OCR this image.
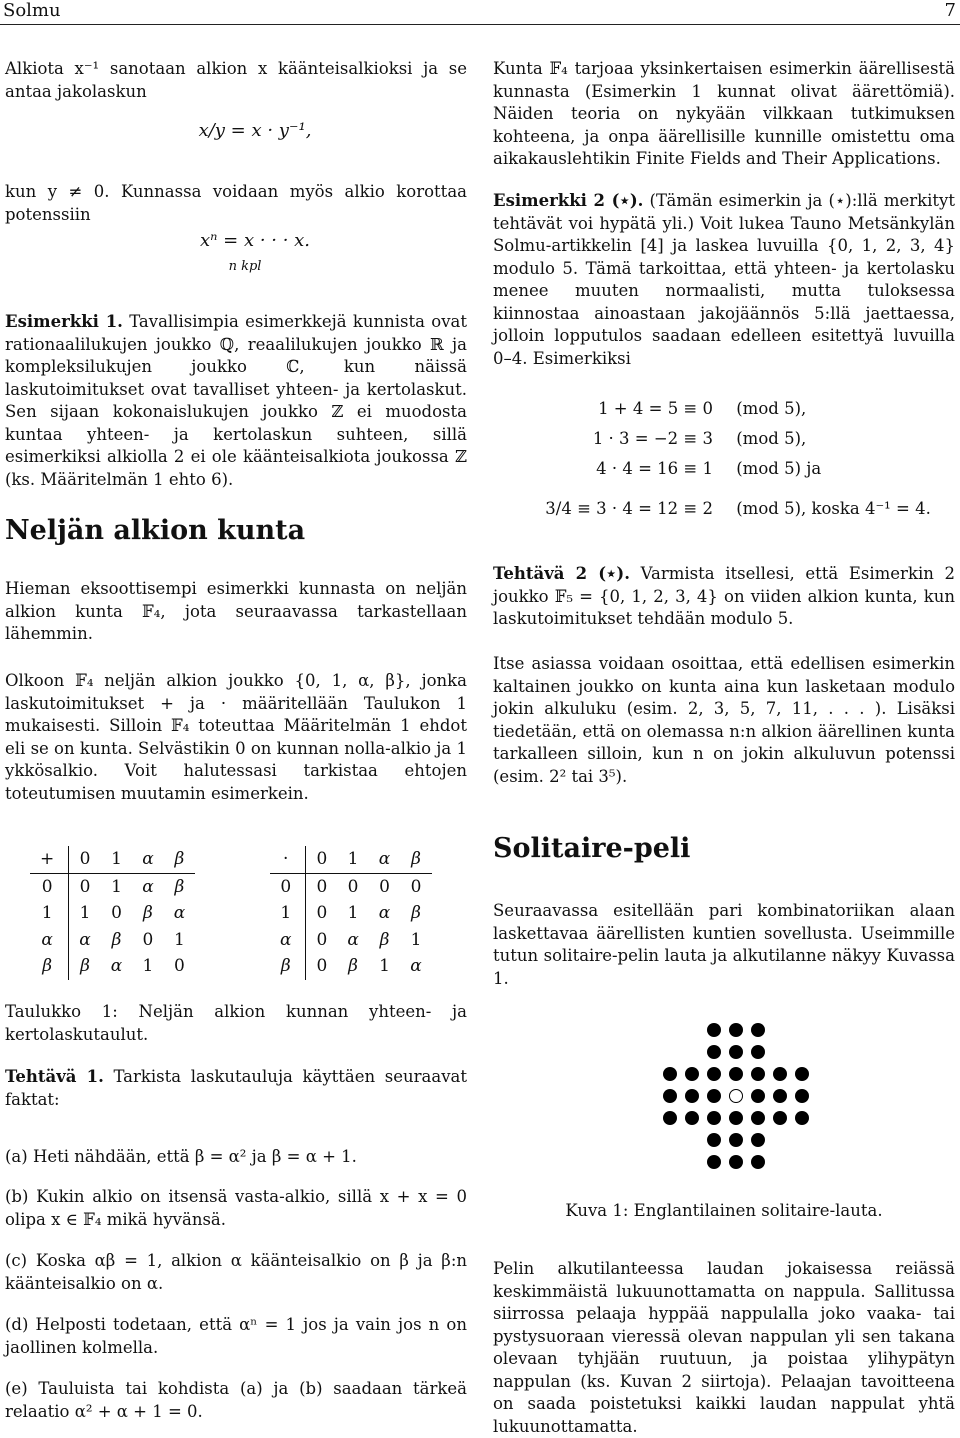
Solmu	7

Alkiota x⁻¹ sanotaan alkion x käänteisalkioksi ja se antaa jakolaskun

x/y = x · y⁻¹,

kun y ≠ 0. Kunnassa voidaan myös alkio korottaa potenssiin

xⁿ = x · · · x.
n kpl

Esimerkki 1. Tavallisimpia esimerkkejä kunnista ovat rationaalilukujen joukko ℚ, reaalilukujen joukko ℝ ja kompleksilukujen joukko ℂ, kun näissä laskutoimitukset ovat tavalliset yhteen- ja kertolaskut. Sen sijaan kokonaislukujen joukko ℤ ei muodosta kuntaa yhteen- ja kertolaskun suhteen, sillä esimerkiksi alkiolla 2 ei ole käänteisalkiota joukossa ℤ (ks. Määritelmän 1 ehto 6).

Neljän alkion kunta

Hieman eksoottisempi esimerkki kunnasta on neljän alkion kunta 𝔽₄, jota seuraavassa tarkastellaan lähemmin.

Olkoon 𝔽₄ neljän alkion joukko {0, 1, α, β}, jonka laskutoimitukset + ja · määritellään Taulukon 1 mukaisesti. Silloin 𝔽₄ toteuttaa Määritelmän 1 ehdot eli se on kunta. Selvästikin 0 on kunnan nolla-alkio ja 1 ykkösalkio. Voit halutessasi tarkistaa ehtojen toteutumisen muutamin esimerkein.

+	0	1	α	β
0	0	1	α	β
1	1	0	β	α
α	α	β	0	1
β	β	α	1	0
·	0	1	α	β
0	0	0	0	0
1	0	1	α	β
α	0	α	β	1
β	0	β	1	α

Taulukko 1: Neljän alkion kunnan yhteen- ja kertolaskutaulut.

Tehtävä 1. Tarkista laskutauluja käyttäen seuraavat faktat:

(a) Heti nähdään, että β = α² ja β = α + 1.

(b) Kukin alkio on itsensä vasta-alkio, sillä x + x = 0 olipa x ∈ 𝔽₄ mikä hyvänsä.

(c) Koska αβ = 1, alkion α käänteisalkio on β ja β:n käänteisalkio on α.

(d) Helposti todetaan, että αⁿ = 1 jos ja vain jos n on jaollinen kolmella.

(e) Tauluista tai kohdista (a) ja (b) saadaan tärkeä relaatio α² + α + 1 = 0.

Kunta 𝔽₄ tarjoaa yksinkertaisen esimerkin äärellisestä kunnasta (Esimerkin 1 kunnat olivat äärettömiä). Näiden teoria on nykyään vilkkaan tutkimuksen kohteena, ja onpa äärellisille kunnille omistettu oma aikakauslehtikin Finite Fields and Their Applications.

Esimerkki 2 (⋆). (Tämän esimerkin ja (⋆):llä merkityt tehtävät voi hypätä yli.) Voit lukea Tauno Metsänkylän Solmu-artikkelin [4] ja laskea luvuilla {0, 1, 2, 3, 4} modulo 5. Tämä tarkoittaa, että yhteen- ja kertolasku menee muuten normaalisti, mutta tuloksessa kiinnostaa ainoastaan jakojäännös 5:llä jaettaessa, jolloin lopputulos saadaan edelleen esitettyä luvuilla 0–4. Esimerkiksi

1 + 4 = 5 ≡ 0 (mod 5),
1 · 3 = −2 ≡ 3 (mod 5),
4 · 4 = 16 ≡ 1 (mod 5) ja
3/4 ≡ 3 · 4 = 12 ≡ 2 (mod 5), koska 4⁻¹ = 4.

Tehtävä 2 (⋆). Varmista itsellesi, että Esimerkin 2 joukko 𝔽₅ = {0, 1, 2, 3, 4} on viiden alkion kunta, kun laskutoimitukset tehdään modulo 5.

Itse asiassa voidaan osoittaa, että edellisen esimerkin kaltainen joukko on kunta aina kun lasketaan modulo jokin alkuluku (esim. 2, 3, 5, 7, 11, . . . ). Lisäksi tiedetään, että on olemassa n:n alkion äärellinen kunta tarkalleen silloin, kun n on jokin alkuluvun potenssi (esim. 2² tai 3⁵).

Solitaire-peli

Seuraavassa esitellään pari kombinatoriikan alaan laskettavaa äärellisten kuntien sovellusta. Useimmille tutun solitaire-pelin lauta ja alkutilanne näkyy Kuvassa 1.

Kuva 1: Englantilainen solitaire-lauta.

Pelin alkutilanteessa laudan jokaisessa reiässä keskimmäistä lukuunottamatta on nappula. Sallitussa siirrossa pelaaja hyppää nappulalla joko vaaka- tai pystysuoraan vieressä olevan nappulan yli sen takana olevaan tyhjään ruutuun, ja poistaa ylihypätyn nappulan (ks. Kuvan 2 siirtoja). Pelaajan tavoitteena on saada poistetuksi kaikki laudan nappulat yhtä lukuunottamatta.
